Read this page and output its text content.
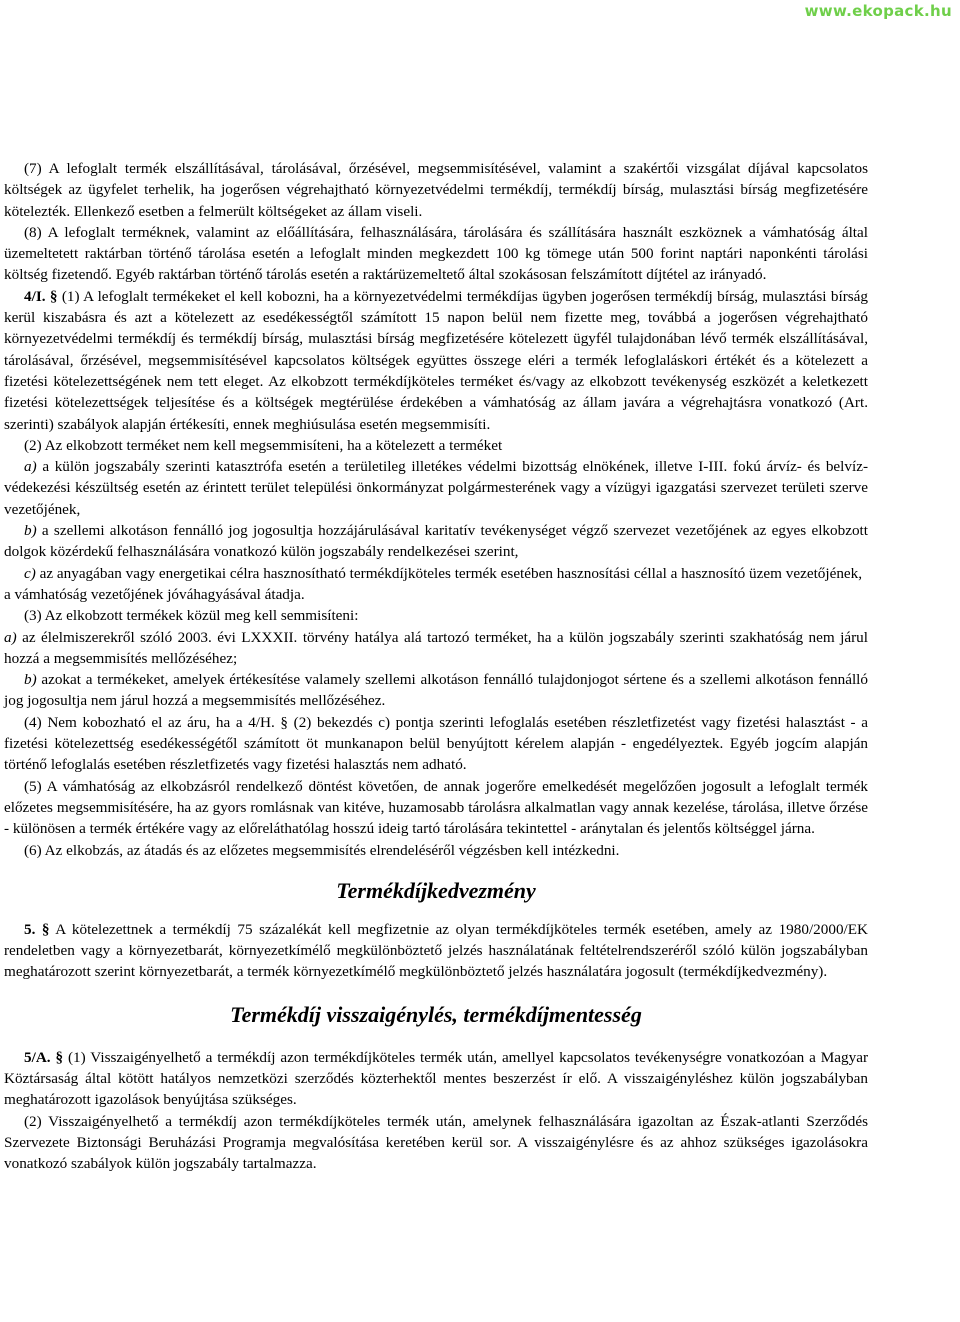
www.ekopack.hu

(7) A lefoglalt termék elszállításával, tárolásával, őrzésével, megsemmisítésével, valamint a szakértői vizsgálat díjával kapcsolatos költségek az ügyfelet terhelik, ha jogerősen végrehajtható környezetvédelmi termékdíj, termékdíj bírság, mulasztási bírság megfizetésére kötelezték. Ellenkező esetben a felmerült költségeket az állam viseli.

(8) A lefoglalt terméknek, valamint az előállítására, felhasználására, tárolására és szállítására használt eszköznek a vámhatóság által üzemeltetett raktárban történő tárolása esetén a lefoglalt minden megkezdett 100 kg tömege után 500 forint naptári naponkénti tárolási költség fizetendő. Egyéb raktárban történő tárolás esetén a raktárüzemeltető által szokásosan felszámított díjtétel az irányadó.

4/I. § (1) A lefoglalt termékeket el kell kobozni, ha a környezetvédelmi termékdíjas ügyben jogerősen termékdíj bírság, mulasztási bírság kerül kiszabásra és azt a kötelezett az esedékességtől számított 15 napon belül nem fizette meg, továbbá a jogerősen végrehajtható környezetvédelmi termékdíj és termékdíj bírság, mulasztási bírság megfizetésére kötelezett ügyfél tulajdonában lévő termék elszállításával, tárolásával, őrzésével, megsemmisítésével kapcsolatos költségek együttes összege eléri a termék lefoglaláskori értékét és a kötelezett a fizetési kötelezettségének nem tett eleget. Az elkobzott termékdíjköteles terméket és/vagy az elkobzott tevékenység eszközét a keletkezett fizetési kötelezettségek teljesítése és a költségek megtérülése érdekében a vámhatóság az állam javára a végrehajtásra vonatkozó (Art. szerinti) szabályok alapján értékesíti, ennek meghiúsulása esetén megsemmisíti.

(2) Az elkobzott terméket nem kell megsemmisíteni, ha a kötelezett a terméket

a) a külön jogszabály szerinti katasztrófa esetén a területileg illetékes védelmi bizottság elnökének, illetve I-III. fokú árvíz- és belvíz-védekezési készültség esetén az érintett terület települési önkormányzat polgármesterének vagy a vízügyi igazgatási szervezet területi szerve vezetőjének,

b) a szellemi alkotáson fennálló jog jogosultja hozzájárulásával karitatív tevékenységet végző szervezet vezetőjének az egyes elkobzott dolgok közérdekű felhasználására vonatkozó külön jogszabály rendelkezései szerint,

c) az anyagában vagy energetikai célra hasznosítható termékdíjköteles termék esetében hasznosítási céllal a hasznosító üzem vezetőjének,

a vámhatóság vezetőjének jóváhagyásával átadja.

(3) Az elkobzott termékek közül meg kell semmisíteni:

a) az élelmiszerekről szóló 2003. évi LXXXII. törvény hatálya alá tartozó terméket, ha a külön jogszabály szerinti szakhatóság nem járul hozzá a megsemmisítés mellőzéséhez;

b) azokat a termékeket, amelyek értékesítése valamely szellemi alkotáson fennálló tulajdonjogot sértene és a szellemi alkotáson fennálló jog jogosultja nem járul hozzá a megsemmisítés mellőzéséhez.

(4) Nem kobozható el az áru, ha a 4/H. § (2) bekezdés c) pontja szerinti lefoglalás esetében részletfizetést vagy fizetési halasztást - a fizetési kötelezettség esedékességétől számított öt munkanapon belül benyújtott kérelem alapján - engedélyeztek. Egyéb jogcím alapján történő lefoglalás esetében részletfizetés vagy fizetési halasztás nem adható.

(5) A vámhatóság az elkobzásról rendelkező döntést követően, de annak jogerőre emelkedését megelőzően jogosult a lefoglalt termék előzetes megsemmisítésére, ha az gyors romlásnak van kitéve, huzamosabb tárolásra alkalmatlan vagy annak kezelése, tárolása, illetve őrzése - különösen a termék értékére vagy az előreláthatólag hosszú ideig tartó tárolására tekintettel - aránytalan és jelentős költséggel járna.

(6) Az elkobzás, az átadás és az előzetes megsemmisítés elrendeléséről végzésben kell intézkedni.

Termékdíjkedvezmény

5. § A kötelezettnek a termékdíj 75 százalékát kell megfizetnie az olyan termékdíjköteles termék esetében, amely az 1980/2000/EK rendeletben vagy a környezetbarát, környezetkímélő megkülönböztető jelzés használatának feltételrendszeréről szóló külön jogszabályban meghatározott szerint környezetbarát, a termék környezetkímélő megkülönböztető jelzés használatára jogosult (termékdíjkedvezmény).

Termékdíj visszaigénylés, termékdíjmentesség

5/A. § (1) Visszaigényelhető a termékdíj azon termékdíjköteles termék után, amellyel kapcsolatos tevékenységre vonatkozóan a Magyar Köztársaság által kötött hatályos nemzetközi szerződés közterhektől mentes beszerzést ír elő. A visszaigényléshez külön jogszabályban meghatározott igazolások benyújtása szükséges.

(2) Visszaigényelhető a termékdíj azon termékdíjköteles termék után, amelynek felhasználására igazoltan az Észak-atlanti Szerződés Szervezete Biztonsági Beruházási Programja megvalósítása keretében kerül sor. A visszaigénylésre és az ahhoz szükséges igazolásokra vonatkozó szabályok külön jogszabály tartalmazza.
